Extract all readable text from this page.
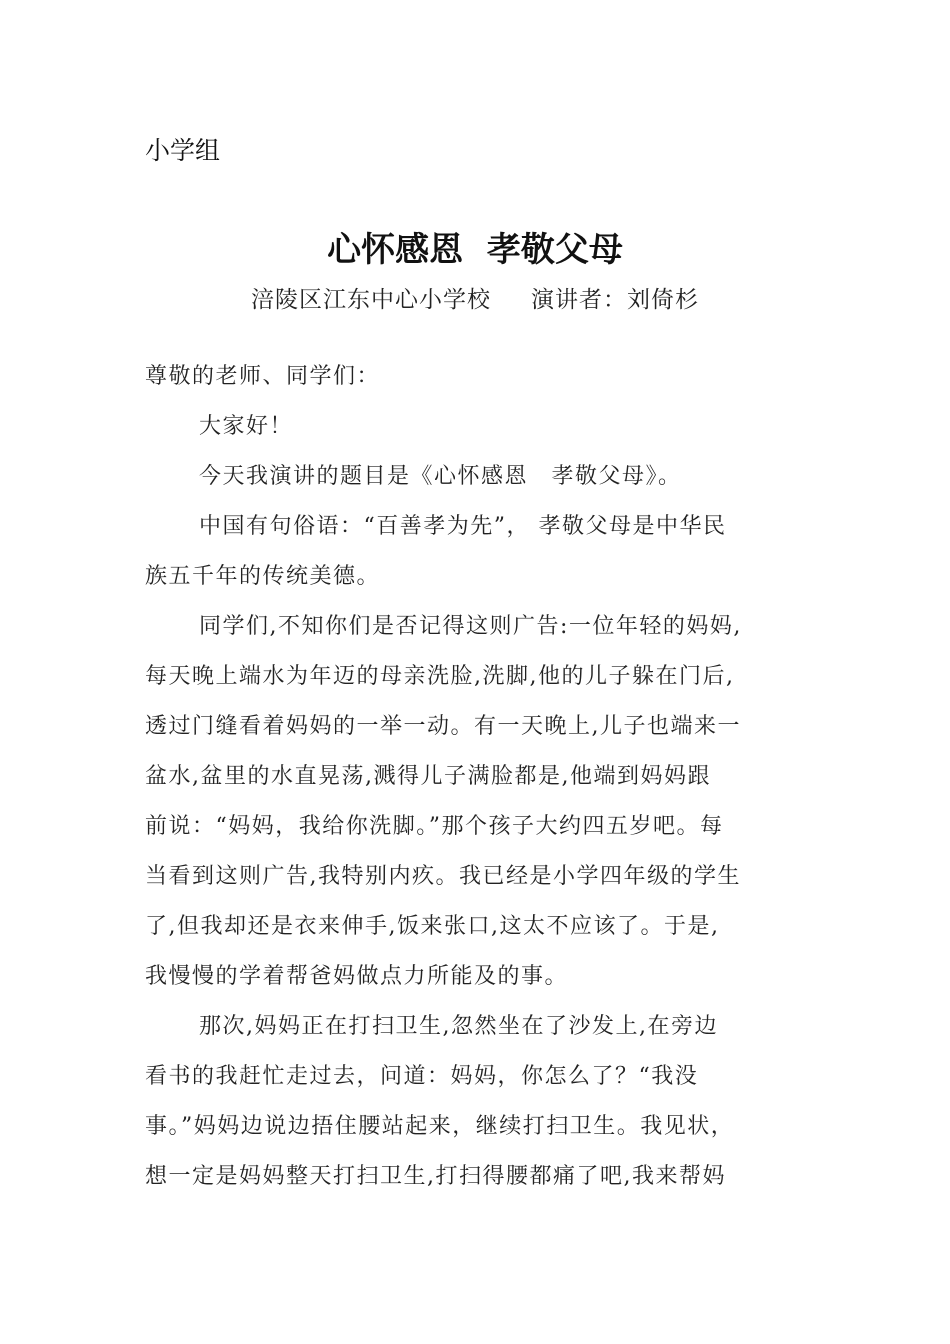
小学组
心怀感恩  孝敬父母
涪陵区江东中心小学校 演讲者：刘倚杉
尊敬的老师、同学们：
大家好！
今天我演讲的题目是《心怀感恩　孝敬父母》。
中国有句俗语：“百善孝为先”， 孝敬父母是中华民
族五千年的传统美德。
同学们,不知你们是否记得这则广告:一位年轻的妈妈,
每天晚上端水为年迈的母亲洗脸,洗脚,他的儿子躲在门后,
透过门缝看着妈妈的一举一动。有一天晚上,儿子也端来一
盆水,盆里的水直晃荡,溅得儿子满脸都是,他端到妈妈跟
前说：“妈妈，我给你洗脚。”那个孩子大约四五岁吧。每
当看到这则广告,我特别内疚。我已经是小学四年级的学生
了,但我却还是衣来伸手,饭来张口,这太不应该了。于是,
我慢慢的学着帮爸妈做点力所能及的事。
那次,妈妈正在打扫卫生,忽然坐在了沙发上,在旁边
看书的我赶忙走过去，问道：妈妈，你怎么了？“我没
事。”妈妈边说边捂住腰站起来，继续打扫卫生。我见状，
想一定是妈妈整天打扫卫生,打扫得腰都痛了吧,我来帮妈
